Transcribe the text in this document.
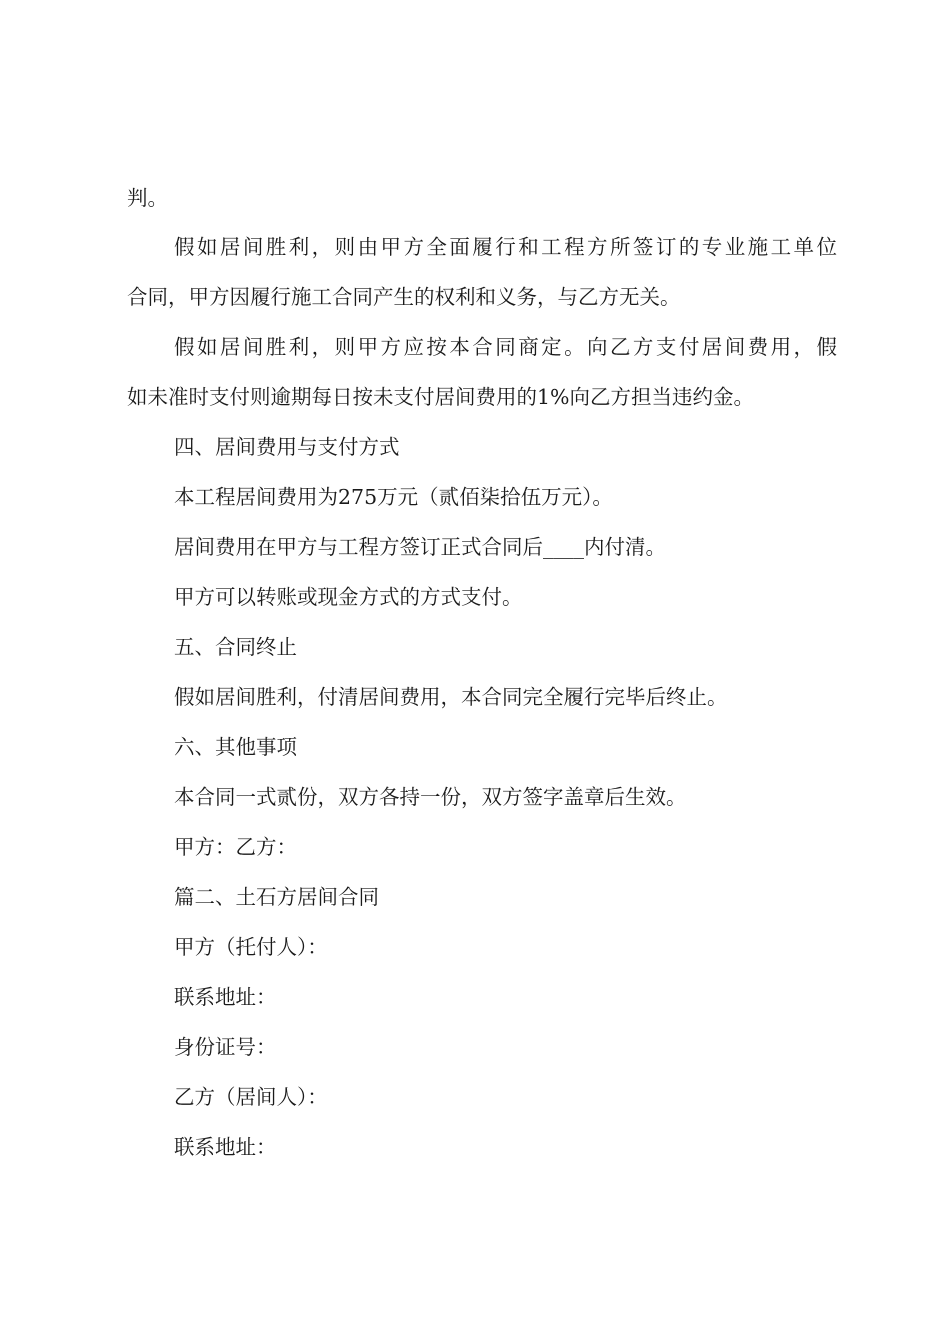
判。
假如居间胜利，则由甲方全面履行和工程方所签订的专业施工单位
合同，甲方因履行施工合同产生的权利和义务，与乙方无关。
假如居间胜利，则甲方应按本合同商定。向乙方支付居间费用，假
如未准时支付则逾期每日按未支付居间费用的1%向乙方担当违约金。
四、居间费用与支付方式
本工程居间费用为275万元（贰佰柒拾伍万元）。
居间费用在甲方与工程方签订正式合同后____内付清。
甲方可以转账或现金方式的方式支付。
五、合同终止
假如居间胜利，付清居间费用，本合同完全履行完毕后终止。
六、其他事项
本合同一式贰份，双方各持一份，双方签字盖章后生效。
甲方：乙方：
篇二、土石方居间合同
甲方（托付人）：
联系地址：
身份证号：
乙方（居间人）：
联系地址：
